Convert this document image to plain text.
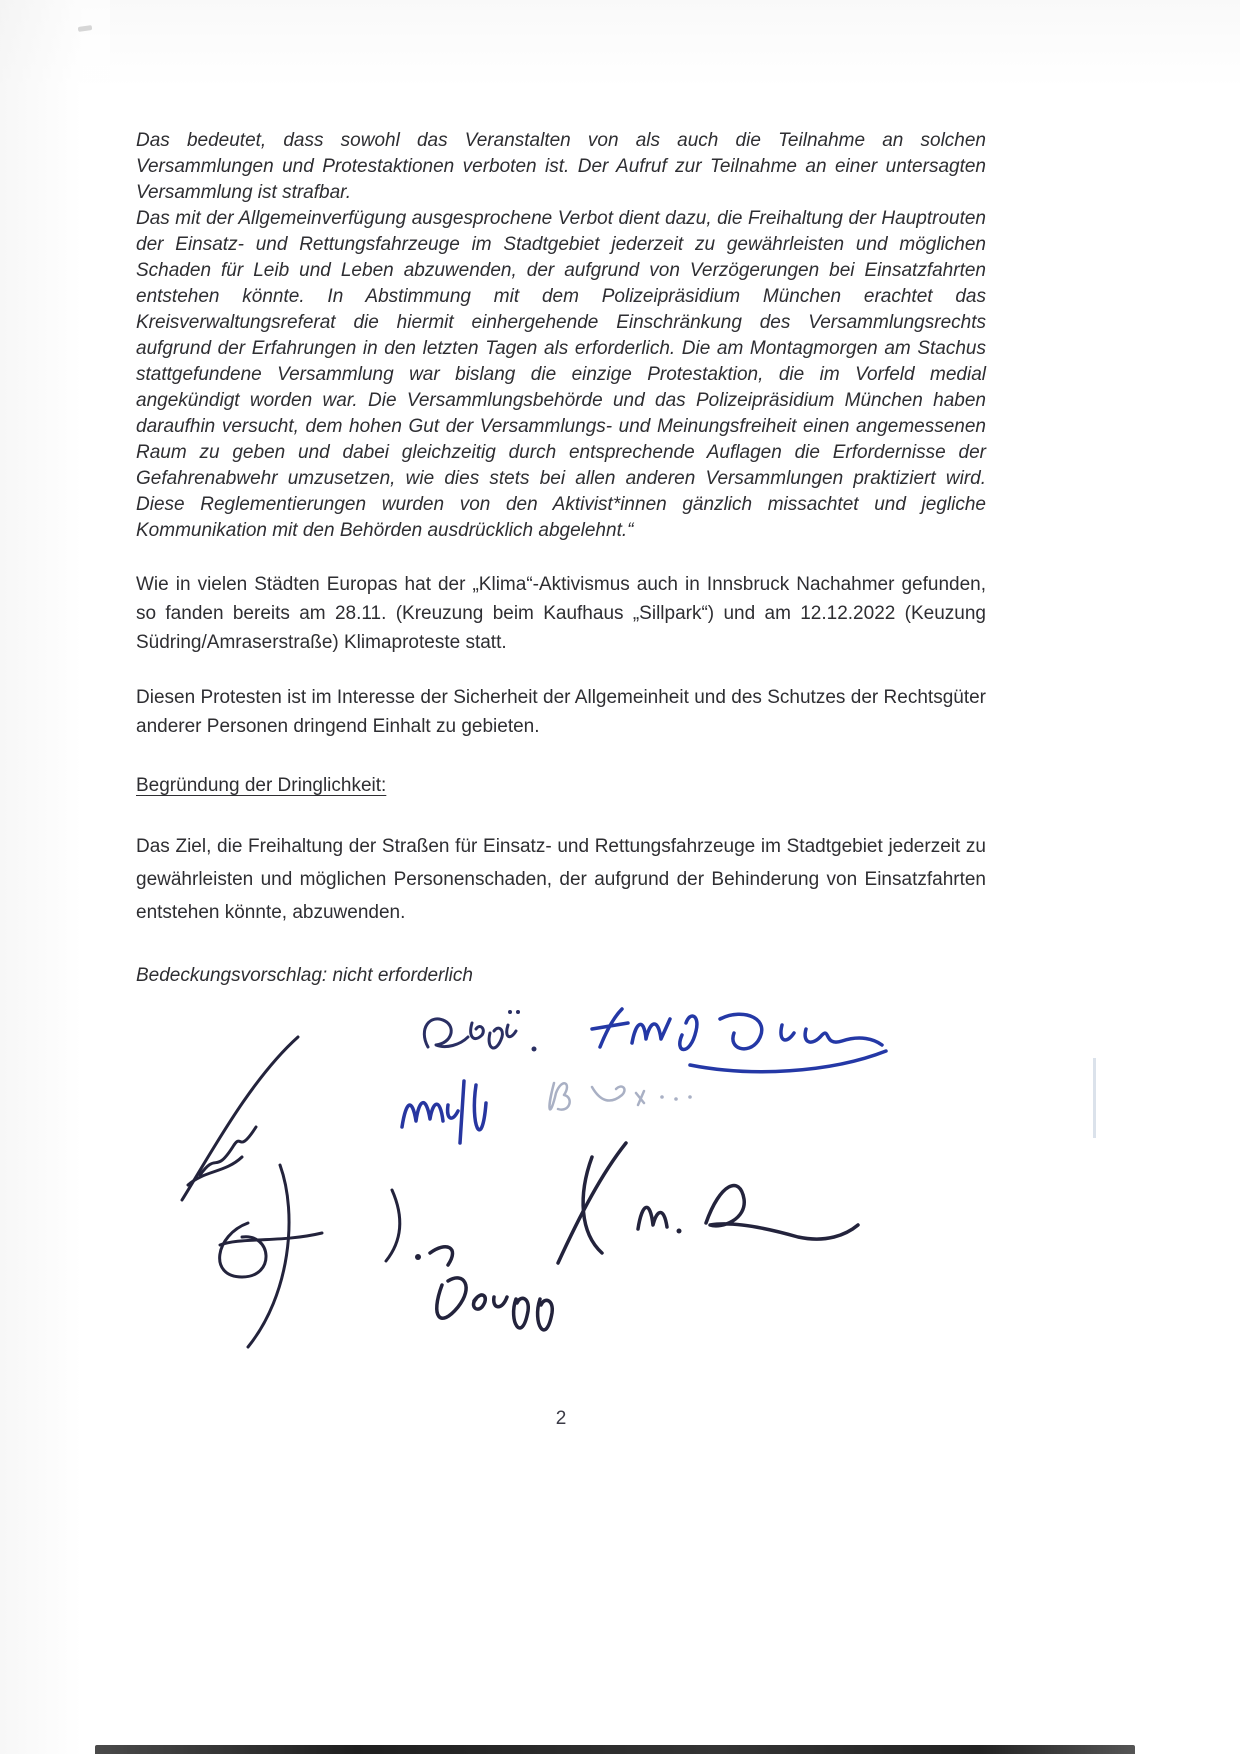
Das bedeutet, dass sowohl das Veranstalten von als auch die Teilnahme an solchen Versammlungen und Protestaktionen verboten ist. Der Aufruf zur Teilnahme an einer untersagten Versammlung ist strafbar.

Das mit der Allgemeinverfügung ausgesprochene Verbot dient dazu, die Freihaltung der Hauptrouten der Einsatz- und Rettungsfahrzeuge im Stadtgebiet jederzeit zu gewährleisten und möglichen Schaden für Leib und Leben abzuwenden, der aufgrund von Verzögerungen bei Einsatzfahrten entstehen könnte. In Abstimmung mit dem Polizeipräsidium München erachtet das Kreisverwaltungsreferat die hiermit einhergehende Einschränkung des Versammlungsrechts aufgrund der Erfahrungen in den letzten Tagen als erforderlich. Die am Montagmorgen am Stachus stattgefundene Versammlung war bislang die einzige Protestaktion, die im Vorfeld medial angekündigt worden war. Die Versammlungsbehörde und das Polizeipräsidium München haben daraufhin versucht, dem hohen Gut der Versammlungs- und Meinungsfreiheit einen angemessenen Raum zu geben und dabei gleichzeitig durch entsprechende Auflagen die Erfordernisse der Gefahrenabwehr umzusetzen, wie dies stets bei allen anderen Versammlungen praktiziert wird. Diese Reglementierungen wurden von den Aktivist*innen gänzlich missachtet und jegliche Kommunikation mit den Behörden ausdrücklich abgelehnt.“

Wie in vielen Städten Europas hat der „Klima“-Aktivismus auch in Innsbruck Nachahmer gefunden, so fanden bereits am 28.11. (Kreuzung beim Kaufhaus „Sillpark“) und am 12.12.2022 (Keuzung Südring/Amraserstraße) Klimaproteste statt.

Diesen Protesten ist im Interesse der Sicherheit der Allgemeinheit und des Schutzes der Rechtsgüter anderer Personen dringend Einhalt zu gebieten.

Begründung der Dringlichkeit:

Das Ziel, die Freihaltung der Straßen für Einsatz- und Rettungsfahrzeuge im Stadtgebiet jederzeit zu gewährleisten und möglichen Personenschaden, der aufgrund der Behinderung von Einsatzfahrten entstehen könnte, abzuwenden.

Bedeckungsvorschlag: nicht erforderlich

2
